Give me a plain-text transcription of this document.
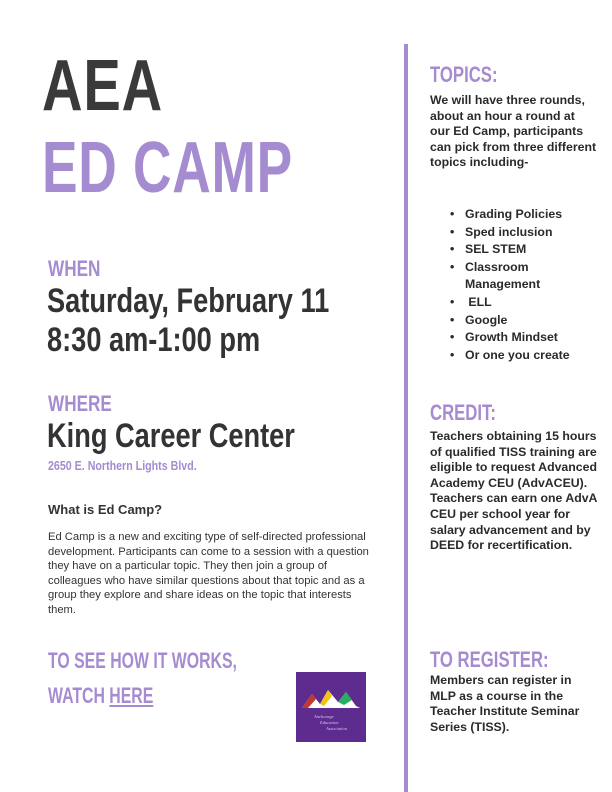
AEA
ED CAMP
WHEN
Saturday, February 11
8:30 am-1:00 pm
WHERE
King Career Center
2650 E. Northern Lights Blvd.
What is Ed Camp?

Ed Camp is a new and exciting type of self-directed professional development. Participants can come to a session with a question they have on a particular topic. They then join a group of colleagues who have similar questions about that topic and as a group they explore and share ideas on the topic that interests them.

TO SEE HOW IT WORKS,
WATCH HERE
Anchorage
Education
Association
TOPICS:

We will have three rounds, about an hour a round at our Ed Camp, participants can pick from three different topics including-

• Grading Policies
• Sped inclusion
• SEL STEM
• Classroom Management
•  ELL
• Google
• Growth Mindset
• Or one you create
CREDIT:

Teachers obtaining 15 hours of qualified TISS training are eligible to request Advanced Academy CEU (AdvACEU). Teachers can earn one AdvA CEU per school year for salary advancement and by DEED for recertification.

TO REGISTER:

Members can register in MLP as a course in the Teacher Institute Seminar Series (TISS).
